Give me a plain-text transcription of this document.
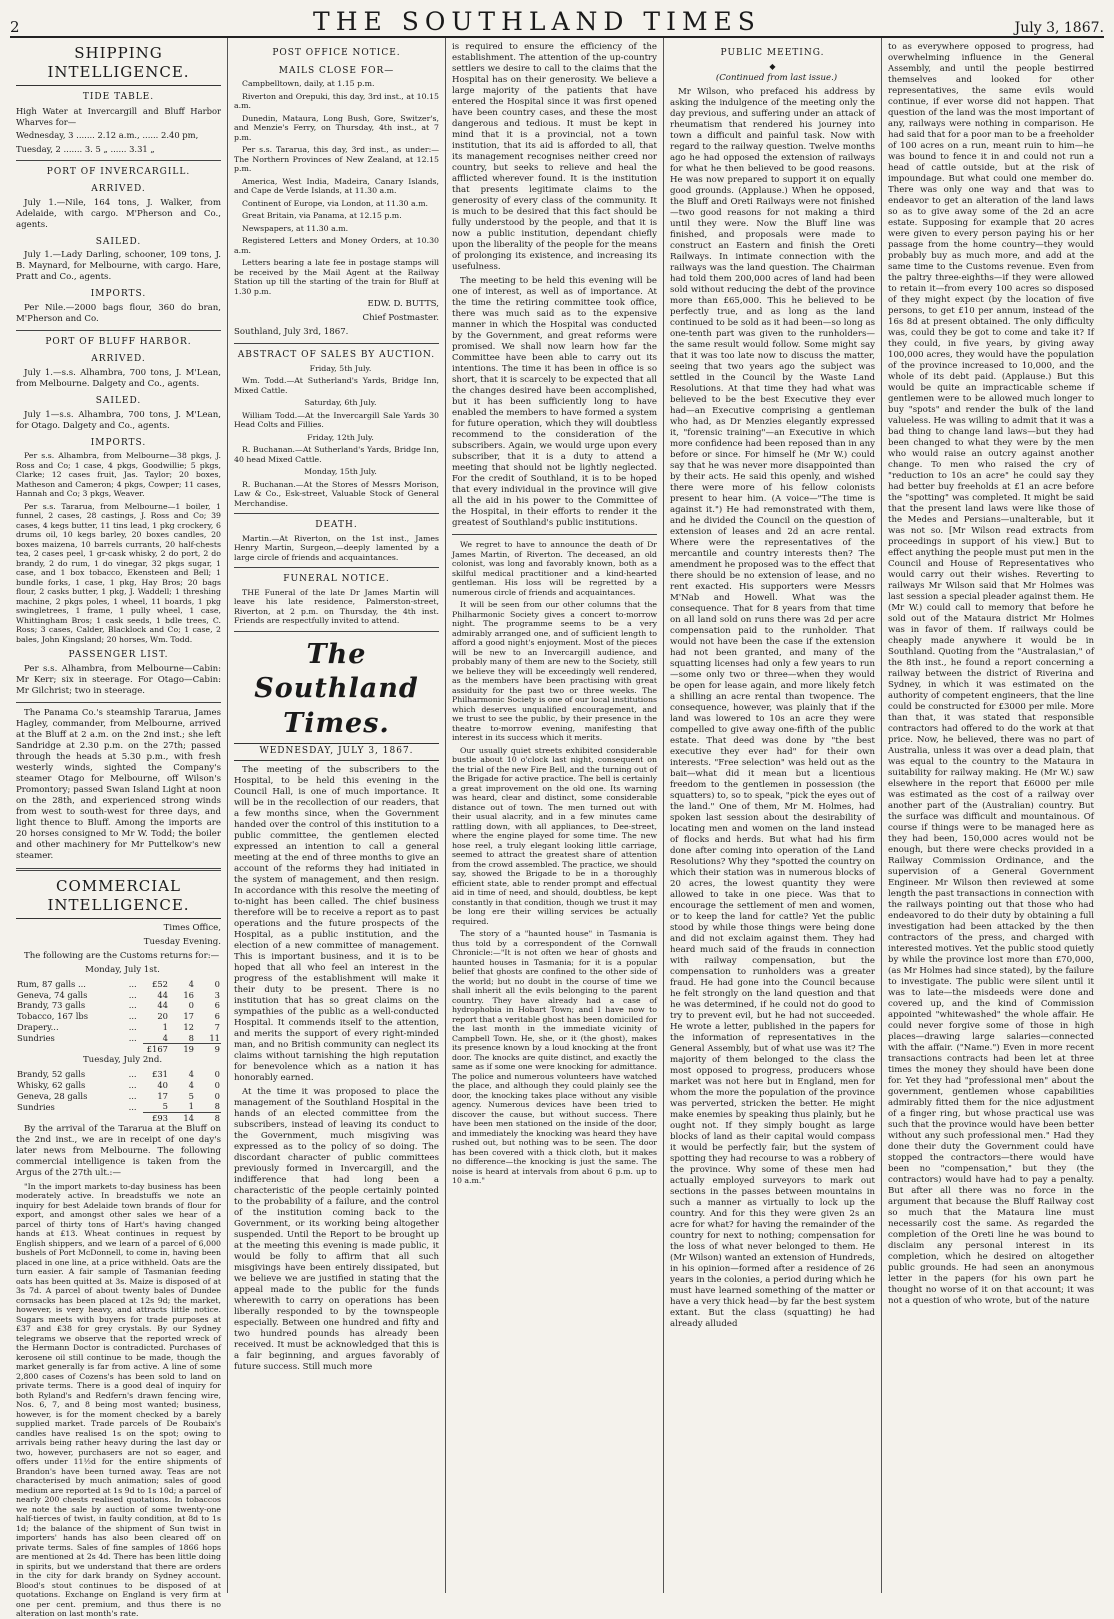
2	THE SOUTHLAND TIMES	July 3, 1867.
SHIPPING INTELLIGENCE.
TIDE TABLE.

High Water at Invercargill and Bluff Harbor Wharves for—

Wednesday, 3 ....... 2.12 a.m., ...... 2.40 pm,

Tuesday, 2 ....... 3. 5 „ ...... 3.31 „

PORT OF INVERCARGILL.
ARRIVED.

July 1.—Nile, 164 tons, J. Walker, from Adelaide, with cargo. M'Pherson and Co., agents.

SAILED.

July 1.—Lady Darling, schooner, 109 tons, J. B. Maynard, for Melbourne, with cargo. Hare, Pratt and Co., agents.

IMPORTS.

Per Nile.—2000 bags flour, 360 do bran, M'Pherson and Co.

PORT OF BLUFF HARBOR.
ARRIVED.

July 1.—s.s. Alhambra, 700 tons, J. M'Lean, from Melbourne. Dalgety and Co., agents.

SAILED.

July 1—s.s. Alhambra, 700 tons, J. M'Lean, for Otago. Dalgety and Co., agents.

IMPORTS.

Per s.s. Alhambra, from Melbourne—38 pkgs, J. Ross and Co; 1 case, 4 pkgs, Goodwillie; 5 pkgs, Clarke; 12 cases fruit, Jas. Taylor; 20 boxes, Matheson and Cameron; 4 pkgs, Cowper; 11 cases, Hannah and Co; 3 pkgs, Weaver.

Per s.s. Tararua, from Melbourne—1 boiler, 1 funnel, 2 cases, 28 castings, J. Ross and Co; 39 cases, 4 kegs butter, 11 tins lead, 1 pkg crockery, 6 drums oil, 10 kegs barley, 20 boxes candles, 20 boxes maizena, 10 barrels currants, 20 half-chests tea, 2 cases peel, 1 gr-cask whisky, 2 do port, 2 do brandy, 2 do rum, 1 do vinegar, 32 pkgs sugar, 1 case, and 1 box tobacco, Ekensteen and Bell; 1 bundle forks, 1 case, 1 pkg, Hay Bros; 20 bags flour, 2 casks butter, 1 pkg, J. Waddell; 1 threshing machine, 2 pkgs poles, 1 wheel, 11 boards, 1 pkg swingletrees, 1 frame, 1 pully wheel, 1 case, Whittingham Bros; 1 cask seeds, 1 bdle trees, C. Ross; 3 cases, Calder, Blacklock and Co; 1 case, 2 bales, John Kingsland; 20 horses, Wm. Todd.

PASSENGER LIST.

Per s.s. Alhambra, from Melbourne—Cabin: Mr Kerr; six in steerage. For Otago—Cabin: Mr Gilchrist; two in steerage.

The Panama Co.'s steamship Tararua, James Hagley, commander, from Melbourne, arrived at the Bluff at 2 a.m. on the 2nd inst.; she left Sandridge at 2.30 p.m. on the 27th; passed through the heads at 5.30 p.m., with fresh westerly winds, sighted the Company's steamer Otago for Melbourne, off Wilson's Promontory; passed Swan Island Light at noon on the 28th, and experienced strong winds from west to south-west for three days, and light thence to Bluff. Among the imports are 20 horses consigned to Mr W. Todd; the boiler and other machinery for Mr Puttelkow's new steamer.

COMMERCIAL INTELLIGENCE.

Times Office,

Tuesday Evening.

The following are the Customs returns for:—

Monday, July 1st.

Rum, 87 galls ...	...	£52	4	0
Geneva, 74 galls	...	44	16	3
Brandy, 73 galls	...	44	0	6
Tobacco, 167 lbs	...	20	17	6
Drapery...	...	1	12	7
Sundries	...	4	8	11
		£167	19	9

Tuesday, July 2nd.

Brandy, 52 galls	...	£31	4	0
Whisky, 62 galls	...	40	4	0
Geneva, 28 galls	...	17	5	0
Sundries	...	5	1	8
		£93	14	8

By the arrival of the Tararua at the Bluff on the 2nd inst., we are in receipt of one day's later news from Melbourne. The following commercial intelligence is taken from the Argus of the 27th ult.:—

"In the import markets to-day business has been moderately active. In breadstuffs we note an inquiry for best Adelaide town brands of flour for export, and amongst other sales we hear of a parcel of thirty tons of Hart's having changed hands at £13. Wheat continues in request by English shippers, and we learn of a parcel of 6,000 bushels of Port McDonnell, to come in, having been placed in one line, at a price withheld. Oats are the turn easier. A fair sample of Tasmanian feeding oats has been quitted at 3s. Maize is disposed of at 3s 7d. A parcel of about twenty bales of Dundee cornsacks has been placed at 12s 9d; the market, however, is very heavy, and attracts little notice. Sugars meets with buyers for trade purposes at £37 and £38 for grey crystals. By our Sydney telegrams we observe that the reported wreck of the Hermann Doctor is contradicted. Purchases of kerosene oil still continue to be made, though the market generally is far from active. A line of some 2,800 cases of Cozens's has been sold to land on private terms. There is a good deal of inquiry for both Ryland's and Redfern's drawn fencing wire, Nos. 6, 7, and 8 being most wanted; business, however, is for the moment checked by a barely supplied market. Trade parcels of De Roubaix's candles have realised 1s on the spot; owing to arrivals being rather heavy during the last day or two, however, purchasers are not so eager, and offers under 11½d for the entire shipments of Brandon's have been turned away. Teas are not characterised by much animation; sales of good medium are reported at 1s 9d to 1s 10d; a parcel of nearly 200 chests realised quotations. In tobaccos we note the sale by auction of some twenty-one half-tierces of twist, in faulty condition, at 8d to 1s 1d; the balance of the shipment of Sun twist in importers' hands has also been cleared off on private terms. Sales of fine samples of 1866 hops are mentioned at 2s 4d. There has been little doing in spirits, but we understand that there are orders in the city for dark brandy on Sydney account. Blood's stout continues to be disposed of at quotations. Exchange on England is very firm at one per cent. premium, and thus there is no alteration on last month's rate.

POST OFFICE NOTICE.
MAILS CLOSE FOR—

Campbelltown, daily, at 1.15 p.m.

Riverton and Orepuki, this day, 3rd inst., at 10.15 a.m.

Dunedin, Mataura, Long Bush, Gore, Switzer's, and Menzie's Ferry, on Thursday, 4th inst., at 7 p.m.

Per s.s. Tararua, this day, 3rd inst., as under:— The Northern Provinces of New Zealand, at 12.15 p.m.

America, West India, Madeira, Canary Islands, and Cape de Verde Islands, at 11.30 a.m.

Continent of Europe, via London, at 11.30 a.m.

Great Britain, via Panama, at 12.15 p.m.

Newspapers, at 11.30 a.m.

Registered Letters and Money Orders, at 10.30 a.m.

Letters bearing a late fee in postage stamps will be received by the Mail Agent at the Railway Station up till the starting of the train for Bluff at 1.30 p.m.

EDW. D. BUTTS,

Chief Postmaster.

Southland, July 3rd, 1867.

ABSTRACT OF SALES BY AUCTION.

Friday, 5th July.

Wm. Todd.—At Sutherland's Yards, Bridge Inn, Mixed Cattle.

Saturday, 6th July.

William Todd.—At the Invercargill Sale Yards 30 Head Colts and Fillies.

Friday, 12th July.

R. Buchanan.—At Sutherland's Yards, Bridge Inn, 40 head Mixed Cattle.

Monday, 15th July.

R. Buchanan.—At the Stores of Messrs Morison, Law & Co., Esk-street, Valuable Stock of General Merchandise.

DEATH.

Martin.—At Riverton, on the 1st inst., James Henry Martin, Surgeon,—deeply lamented by a large circle of friends and acquaintances.

FUNERAL NOTICE.

THE Funeral of the late Dr James Martin will leave his late residence, Palmerston-street, Riverton, at 2 p.m. on Thursday, the 4th inst. Friends are respectfully invited to attend.

The Southland Times.
WEDNESDAY, JULY 3, 1867.

The meeting of the subscribers to the Hospital, to be held this evening in the Council Hall, is one of much importance. It will be in the recollection of our readers, that a few months since, when the Government handed over the control of this institution to a public committee, the gentlemen elected expressed an intention to call a general meeting at the end of three months to give an account of the reforms they had initiated in the system of management, and then resign. In accordance with this resolve the meeting of to-night has been called. The chief business therefore will be to receive a report as to past operations and the future prospects of the Hospital, as a public institution, and the election of a new committee of management. This is important business, and it is to be hoped that all who feel an interest in the progress of the establishment will make it their duty to be present. There is no institution that has so great claims on the sympathies of the public as a well-conducted Hospital. It commends itself to the attention, and merits the support of every right-minded man, and no British community can neglect its claims without tarnishing the high reputation for benevolence which as a nation it has honorably earned.

At the time it was proposed to place the management of the Southland Hospital in the hands of an elected committee from the subscribers, instead of leaving its conduct to the Government, much misgiving was expressed as to the policy of so doing. The discordant character of public committees previously formed in Invercargill, and the indifference that had long been a characteristic of the people certainly pointed to the probability of a failure, and the control of the institution coming back to the Government, or its working being altogether suspended. Until the Report to be brought up at the meeting this evening is made public, it would be folly to affirm that all such misgivings have been entirely dissipated, but we believe we are justified in stating that the appeal made to the public for the funds wherewith to carry on operations has been liberally responded to by the townspeople especially. Between one hundred and fifty and two hundred pounds has already been received. It must be acknowledged that this is a fair beginning, and argues favorably of future success. Still much more

is required to ensure the efficiency of the establishment. The attention of the up-country settlers we desire to call to the claims that the Hospital has on their generosity. We believe a large majority of the patients that have entered the Hospital since it was first opened have been country cases, and these the most dangerous and tedious. It must be kept in mind that it is a provincial, not a town institution, that its aid is afforded to all, that its management recognises neither creed nor country, but seeks to relieve and heal the afflicted wherever found. It is the institution that presents legitimate claims to the generosity of every class of the community. It is much to be desired that this fact should be fully understood by the people, and that it is now a public institution, dependant chiefly upon the liberality of the people for the means of prolonging its existence, and increasing its usefulness.

The meeting to be held this evening will be one of interest, as well as of importance. At the time the retiring committee took office, there was much said as to the expensive manner in which the Hospital was conducted by the Government, and great reforms were promised. We shall now learn how far the Committee have been able to carry out its intentions. The time it has been in office is so short, that it is scarcely to be expected that all the changes desired have been accomplished, but it has been sufficiently long to have enabled the members to have formed a system for future operation, which they will doubtless recommend to the consideration of the subscribers. Again, we would urge upon every subscriber, that it is a duty to attend a meeting that should not be lightly neglected. For the credit of Southland, it is to be hoped that every individual in the province will give all the aid in his power to the Committee of the Hospital, in their efforts to render it the greatest of Southland's public institutions.

We regret to have to announce the death of Dr James Martin, of Riverton. The deceased, an old colonist, was long and favorably known, both as a skilful medical practitioner and a kind-hearted gentleman. His loss will be regretted by a numerous circle of friends and acquaintances.

It will be seen from our other columns that the Philharmonic Society gives a concert to-morrow night. The programme seems to be a very admirably arranged one, and of sufficient length to afford a good night's enjoyment. Most of the pieces will be new to an Invercargill audience, and probably many of them are new to the Society, still we believe they will be exceedingly well rendered, as the members have been practising with great assiduity for the past two or three weeks. The Philharmonic Society is one of our local institutions which deserves unqualified encouragement, and we trust to see the public, by their presence in the theatre to-morrow evening, manifesting that interest in its success which it merits.

Our usually quiet streets exhibited considerable bustle about 10 o'clock last night, consequent on the trial of the new Fire Bell, and the turning out of the Brigade for active practice. The bell is certainly a great improvement on the old one. Its warning was heard, clear and distinct, some considerable distance out of town. The men turned out with their usual alacrity, and in a few minutes came rattling down, with all appliances, to Dee-street, where the engine played for some time. The new hose reel, a truly elegant looking little carriage, seemed to attract the greatest share of attention from the crowd assembled. The practice, we should say, showed the Brigade to be in a thoroughly efficient state, able to render prompt and effectual aid in time of need, and should, doubtless, be kept constantly in that condition, though we trust it may be long ere their willing services be actually required.

The story of a "haunted house" in Tasmania is thus told by a correspondent of the Cornwall Chronicle:—"It is not often we hear of ghosts and haunted houses in Tasmania; for it is a popular belief that ghosts are confined to the other side of the world; but no doubt in the course of time we shall inherit all the evils belonging to the parent country. They have already had a case of hydrophobia in Hobart Town; and I have now to report that a veritable ghost has been domiciled for the last month in the immediate vicinity of Campbell Town. He, she, or it (the ghost), makes its presence known by a loud knocking at the front door. The knocks are quite distinct, and exactly the same as if some one were knocking for admittance. The police and numerous volunteers have watched the place, and although they could plainly see the door, the knocking takes place without any visible agency. Numerous devices have been tried to discover the cause, but without success. There have been men stationed on the inside of the door, and immediately the knocking was heard they have rushed out, but nothing was to be seen. The door has been covered with a thick cloth, but it makes no difference—the knocking is just the same. The noise is heard at intervals from about 6 p.m. up to 10 a.m."

PUBLIC MEETING.
◆

(Continued from last issue.)

Mr Wilson, who prefaced his address by asking the indulgence of the meeting only the day previous, and suffering under an attack of rheumatism that rendered his journey into town a difficult and painful task. Now with regard to the railway question. Twelve months ago he had opposed the extension of railways for what he then believed to be good reasons. He was now prepared to support it on equally good grounds. (Applause.) When he opposed, the Bluff and Oreti Railways were not finished—two good reasons for not making a third until they were. Now the Bluff line was finished, and proposals were made to construct an Eastern and finish the Oreti Railways. In intimate connection with the railways was the land question. The Chairman had told them 200,000 acres of land had been sold without reducing the debt of the province more than £65,000. This he believed to be perfectly true, and as long as the land continued to be sold as it had been—so long as one-tenth part was given to the runholders—the same result would follow. Some might say that it was too late now to discuss the matter, seeing that two years ago the subject was settled in the Council by the Waste Land Resolutions. At that time they had what was believed to be the best Executive they ever had—an Executive comprising a gentleman who had, as Dr Menzies elegantly expressed it, "forensic training"—an Executive in which more confidence had been reposed than in any before or since. For himself he (Mr W.) could say that he was never more disappointed than by their acts. He said this openly, and wished there were more of his fellow colonists present to hear him. (A voice—"The time is against it.") He had remonstrated with them, and he divided the Council on the question of extension of leases and 2d an acre rental. Where were the representatives of the mercantile and country interests then? The amendment he proposed was to the effect that there should be no extension of lease, and no rent exacted. His supporters were Messrs M'Nab and Howell. What was the consequence. That for 8 years from that time on all land sold on runs there was 2d per acre compensation paid to the runholder. That would not have been the case if the extension had not been granted, and many of the squatting licenses had only a few years to run—some only two or three—when they would be open for lease again, and more likely fetch a shilling an acre rental than twopence. The consequence, however, was plainly that if the land was lowered to 10s an acre they were compelled to give away one-fifth of the public estate. That deed was done by "the best executive they ever had" for their own interests. "Free selection" was held out as the bait—what did it mean but a licentious freedom to the gentlemen in possession (the squatters) to, so to speak, "pick the eyes out of the land." One of them, Mr M. Holmes, had spoken last session about the desirability of locating men and women on the land instead of flocks and herds. But what had his firm done after coming into operation of the Land Resolutions? Why they "spotted the country on which their station was in numerous blocks of 20 acres, the lowest quantity they were allowed to take in one piece. Was that to encourage the settlement of men and women, or to keep the land for cattle? Yet the public stood by while those things were being done and did not exclaim against them. They had heard much said of the frauds in connection with railway compensation, but the compensation to runholders was a greater fraud. He had gone into the Council because he felt strongly on the land question and that he was determined, if he could not do good to try to prevent evil, but he had not succeeded. He wrote a letter, published in the papers for the information of representatives in the General Assembly, but of what use was it? The majority of them belonged to the class the most opposed to progress, producers whose market was not here but in England, men for whom the more the population of the province was perverted, stricken the better. He might make enemies by speaking thus plainly, but he ought not. If they simply bought as large blocks of land as their capital would compass it would be perfectly fair, but the system of spotting they had recourse to was a robbery of the province. Why some of these men had actually employed surveyors to mark out sections in the passes between mountains in such a manner as virtually to lock up the country. And for this they were given 2s an acre for what? for having the remainder of the country for next to nothing; compensation for the loss of what never belonged to them. He (Mr Wilson) wanted an extension of Hundreds, in his opinion—formed after a residence of 26 years in the colonies, a period during which he must have learned something of the matter or have a very thick head—by far the best system extant. But the class (squatting) he had already alluded

to as everywhere opposed to progress, had overwhelming influence in the General Assembly, and until the people bestirred themselves and looked for other representatives, the same evils would continue, if ever worse did not happen. That question of the land was the most important of any, railways were nothing in comparison. He had said that for a poor man to be a freeholder of 100 acres on a run, meant ruin to him—he was bound to fence it in and could not run a head of cattle outside, but at the risk of impoundage. But what could one member do. There was only one way and that was to endeavor to get an alteration of the land laws so as to give away some of the 2d an acre estate. Supposing for example that 20 acres were given to every person paying his or her passage from the home country—they would probably buy as much more, and add at the same time to the Customs revenue. Even from the paltry three-eighths—if they were allowed to retain it—from every 100 acres so disposed of they might expect (by the location of five persons, to get £10 per annum, instead of the 16s 8d at present obtained. The only difficulty was, could they be got to come and take it? If they could, in five years, by giving away 100,000 acres, they would have the population of the province increased to 10,000, and the whole of its debt paid. (Applause.) But this would be quite an impracticable scheme if gentlemen were to be allowed much longer to buy "spots" and render the bulk of the land valueless. He was willing to admit that it was a bad thing to change land laws—but they had been changed to what they were by the men who would raise an outcry against another change. To men who raised the cry of "reduction to 10s an acre" he could say they had better buy freeholds at £1 an acre before the "spotting" was completed. It might be said that the present land laws were like those of the Medes and Persians—unalterable, but it was not so. [Mr Wilson read extracts from proceedings in support of his view.] But to effect anything the people must put men in the Council and House of Representatives who would carry out their wishes. Reverting to railways Mr Wilson said that Mr Holmes was last session a special pleader against them. He (Mr W.) could call to memory that before he sold out of the Mataura district Mr Holmes was in favor of them. If railways could be cheaply made anywhere it would be in Southland. Quoting from the "Australasian," of the 8th inst., he found a report concerning a railway between the district of Riverina and Sydney, in which it was estimated on the authority of competent engineers, that the line could be constructed for £3000 per mile. More than that, it was stated that responsible contractors had offered to do the work at that price. Now, he believed, there was no part of Australia, unless it was over a dead plain, that was equal to the country to the Mataura in suitability for railway making. He (Mr W.) saw elsewhere in the report that £6000 per mile was estimated as the cost of a railway over another part of the (Australian) country. But the surface was difficult and mountainous. Of course if things were to be managed here as they had been, 150,000 acres would not be enough, but there were checks provided in a Railway Commission Ordinance, and the supervision of a General Government Engineer. Mr Wilson then reviewed at some length the past transactions in connection with the railways pointing out that those who had endeavored to do their duty by obtaining a full investigation had been attacked by the then contractors of the press, and charged with interested motives. Yet the public stood quietly by while the province lost more than £70,000, (as Mr Holmes had since stated), by the failure to investigate. The public were silent until it was to late—the misdeeds were done and covered up, and the kind of Commission appointed "whitewashed" the whole affair. He could never forgive some of those in high places—drawing large salaries—connected with the affair. ("Name.") Even in more recent transactions contracts had been let at three times the money they should have been done for. Yet they had "professional men" about the government, gentlemen whose capabilities admirably fitted them for the nice adjustment of a finger ring, but whose practical use was such that the province would have been better without any such professional men." Had they done their duty the Government could have stopped the contractors—there would have been no "compensation," but they (the contractors) would have had to pay a penalty. But after all there was no force in the argument that because the Bluff Railway cost so much that the Mataura line must necessarily cost the same. As regarded the completion of the Oreti line he was bound to disclaim any personal interest in its completion, which he desired on altogether public grounds. He had seen an anonymous letter in the papers (for his own part he thought no worse of it on that account; it was not a question of who wrote, but of the nature
